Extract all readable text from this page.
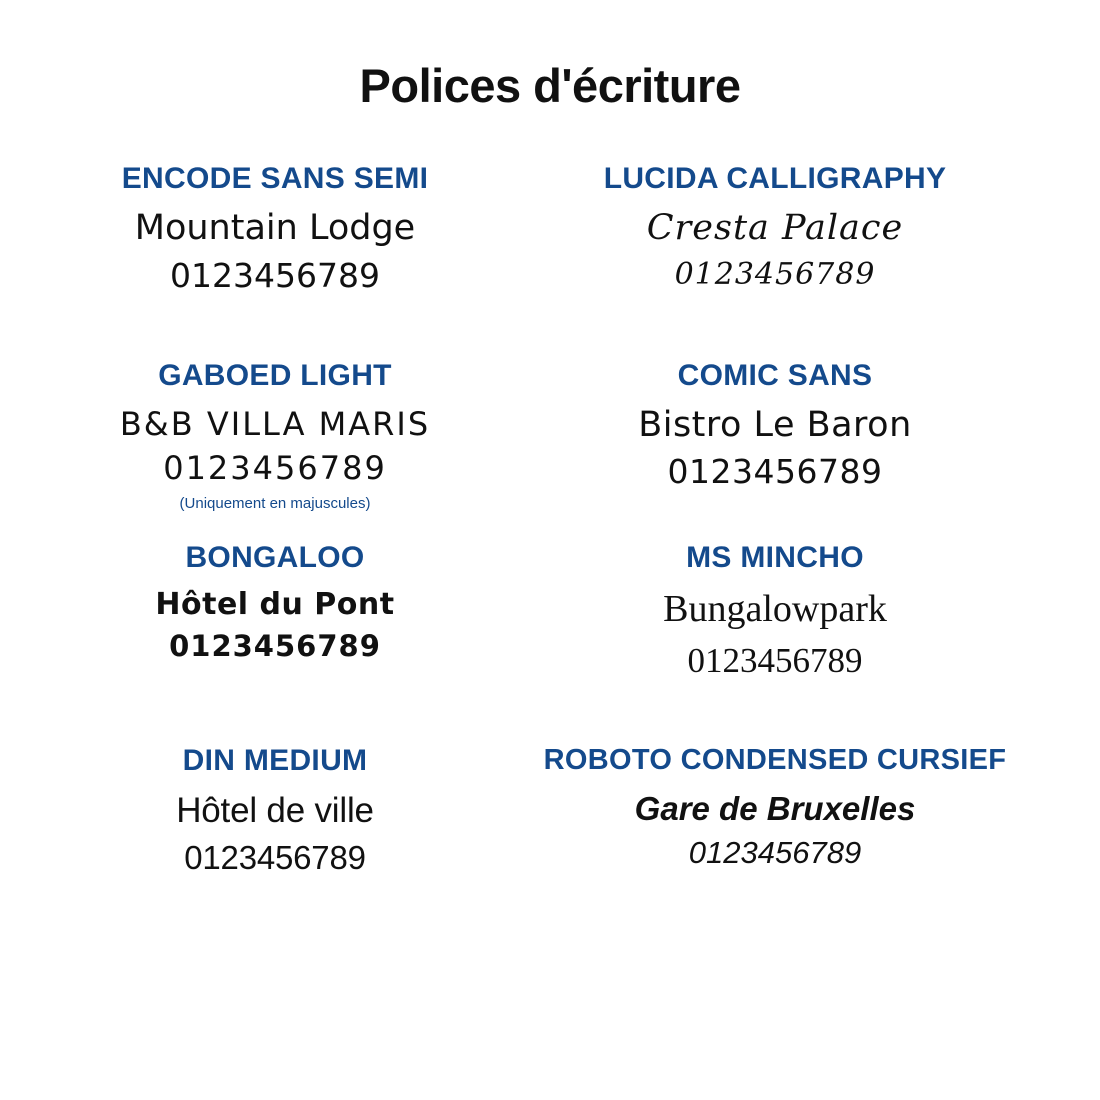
Polices d'écriture
ENCODE SANS SEMI
Mountain Lodge
0123456789
LUCIDA CALLIGRAPHY
Cresta Palace
0123456789
GABOED LIGHT
B&B VILLA MARIS
0123456789
(Uniquement en majuscules)
COMIC SANS
Bistro Le Baron
0123456789
BONGALOO
Hôtel du Pont
0123456789
MS MINCHO
Bungalowpark
0123456789
DIN MEDIUM
Hôtel de ville
0123456789
ROBOTO CONDENSED CURSIEF
Gare de Bruxelles
0123456789
